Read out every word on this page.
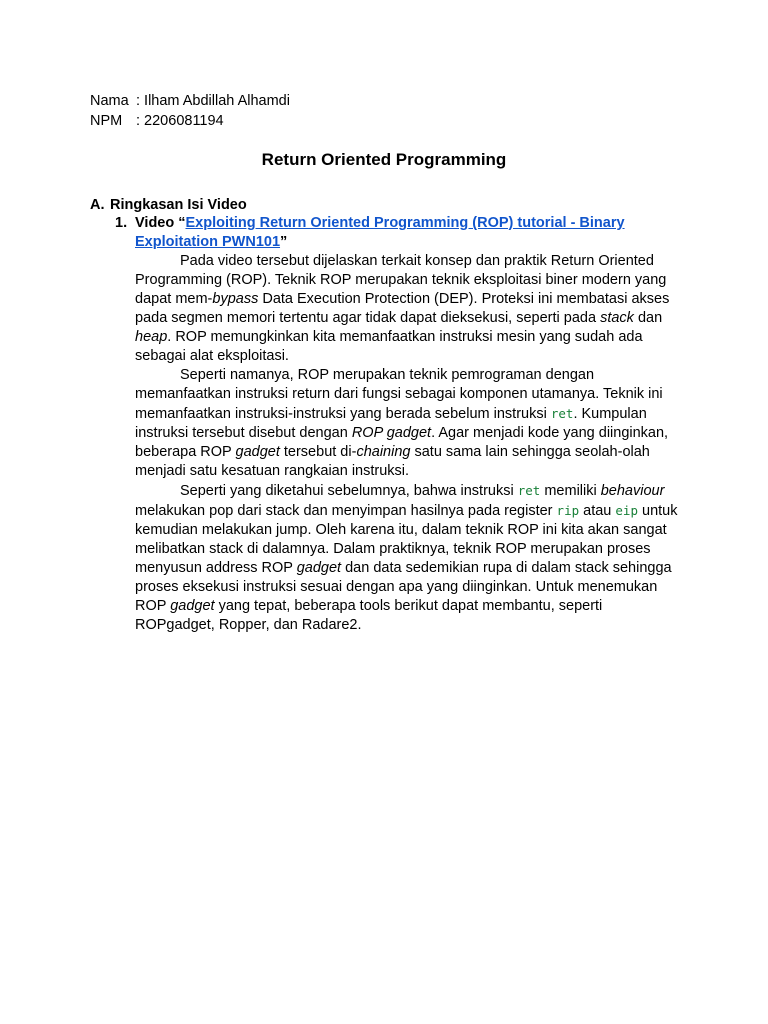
Nama : Ilham Abdillah Alhamdi
NPM : 2206081194
Return Oriented Programming
A. Ringkasan Isi Video
1. Video “Exploiting Return Oriented Programming (ROP) tutorial - Binary Exploitation PWN101”

Pada video tersebut dijelaskan terkait konsep dan praktik Return Oriented Programming (ROP). Teknik ROP merupakan teknik eksploitasi biner modern yang dapat mem-bypass Data Execution Protection (DEP). Proteksi ini membatasi akses pada segmen memori tertentu agar tidak dapat dieksekusi, seperti pada stack dan heap. ROP memungkinkan kita memanfaatkan instruksi mesin yang sudah ada sebagai alat eksploitasi.

Seperti namanya, ROP merupakan teknik pemrograman dengan memanfaatkan instruksi return dari fungsi sebagai komponen utamanya. Teknik ini memanfaatkan instruksi-instruksi yang berada sebelum instruksi ret. Kumpulan instruksi tersebut disebut dengan ROP gadget. Agar menjadi kode yang diinginkan, beberapa ROP gadget tersebut di-chaining satu sama lain sehingga seolah-olah menjadi satu kesatuan rangkaian instruksi.

Seperti yang diketahui sebelumnya, bahwa instruksi ret memiliki behaviour melakukan pop dari stack dan menyimpan hasilnya pada register rip atau eip untuk kemudian melakukan jump. Oleh karena itu, dalam teknik ROP ini kita akan sangat melibatkan stack di dalamnya. Dalam praktiknya, teknik ROP merupakan proses menyusun address ROP gadget dan data sedemikian rupa di dalam stack sehingga proses eksekusi instruksi sesuai dengan apa yang diinginkan. Untuk menemukan ROP gadget yang tepat, beberapa tools berikut dapat membantu, seperti ROPgadget, Ropper, dan Radare2.
